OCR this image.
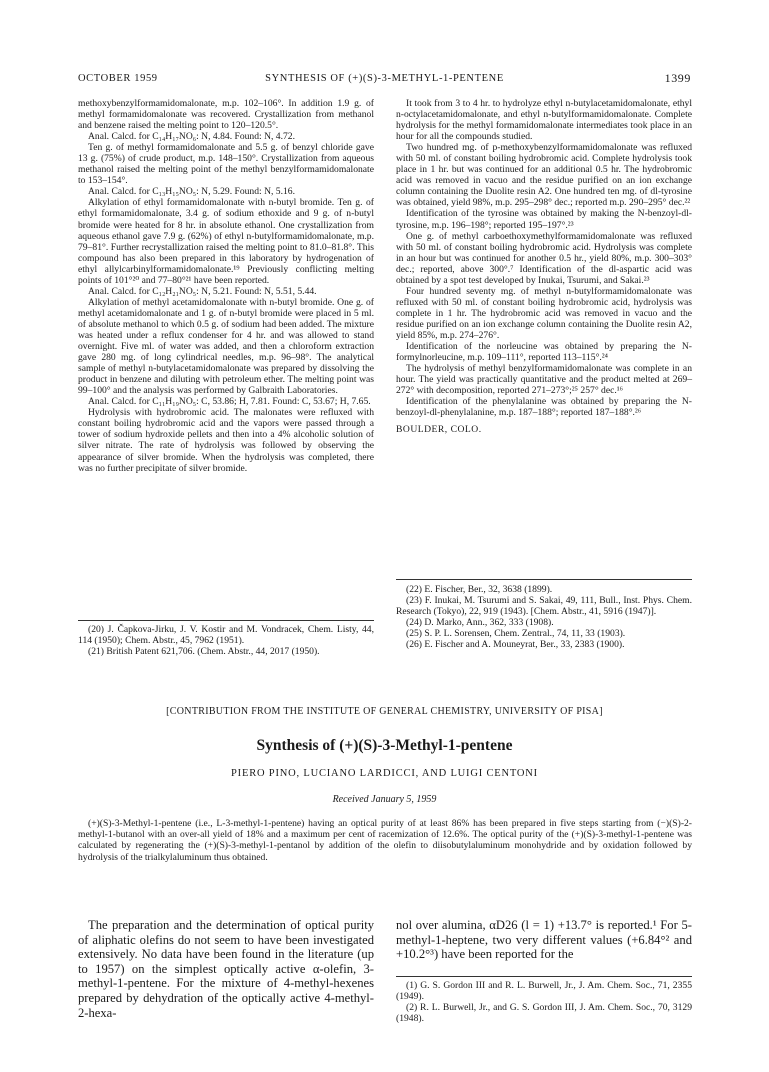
OCTOBER 1959	SYNTHESIS OF (+)(S)-3-METHYL-1-PENTENE	1399

methoxybenzylformamidomalonate, m.p. 102–106°. In addition 1.9 g. of methyl formamidomalonate was recovered. Crystallization from methanol and benzene raised the melting point to 120–120.5°.

Anal. Calcd. for C₁₄H₁₇NO₆: N, 4.84. Found: N, 4.72.

Ten g. of methyl formamidomalonate and 5.5 g. of benzyl chloride gave 13 g. (75%) of crude product, m.p. 148–150°. Crystallization from aqueous methanol raised the melting point of the methyl benzylformamidomalonate to 153–154°.

Anal. Calcd. for C₁₃H₁₅NO₅: N, 5.29. Found: N, 5.16.

Alkylation of ethyl formamidomalonate with n-butyl bromide. Ten g. of ethyl formamidomalonate, 3.4 g. of sodium ethoxide and 9 g. of n-butyl bromide were heated for 8 hr. in absolute ethanol. One crystallization from aqueous ethanol gave 7.9 g. (62%) of ethyl n-butylformamidomalonate, m.p. 79–81°. Further recrystallization raised the melting point to 81.0–81.8°. This compound has also been prepared in this laboratory by hydrogenation of ethyl allylcarbinylformamidomalonate.¹⁹ Previously conflicting melting points of 101°²⁰ and 77–80°²¹ have been reported.

Anal. Calcd. for C₁₂H₂₁NO₅: N, 5.21. Found: N, 5.51, 5.44.

Alkylation of methyl acetamidomalonate with n-butyl bromide. One g. of methyl acetamidomalonate and 1 g. of n-butyl bromide were placed in 5 ml. of absolute methanol to which 0.5 g. of sodium had been added. The mixture was heated under a reflux condenser for 4 hr. and was allowed to stand overnight. Five ml. of water was added, and then a chloroform extraction gave 280 mg. of long cylindrical needles, m.p. 96–98°. The analytical sample of methyl n-butylacetamidomalonate was prepared by dissolving the product in benzene and diluting with petroleum ether. The melting point was 99–100° and the analysis was performed by Galbraith Laboratories.

Anal. Calcd. for C₁₁H₁₉NO₅: C, 53.86; H, 7.81. Found: C, 53.67; H, 7.65.

Hydrolysis with hydrobromic acid. The malonates were refluxed with constant boiling hydrobromic acid and the vapors were passed through a tower of sodium hydroxide pellets and then into a 4% alcoholic solution of silver nitrate. The rate of hydrolysis was followed by observing the appearance of silver bromide. When the hydrolysis was completed, there was no further precipitate of silver bromide.

It took from 3 to 4 hr. to hydrolyze ethyl n-butylacetamidomalonate, ethyl n-octylacetamidomalonate, and ethyl n-butylformamidomalonate. Complete hydrolysis for the methyl formamidomalonate intermediates took place in an hour for all the compounds studied.

Two hundred mg. of p-methoxybenzylformamidomalonate was refluxed with 50 ml. of constant boiling hydrobromic acid. Complete hydrolysis took place in 1 hr. but was continued for an additional 0.5 hr. The hydrobromic acid was removed in vacuo and the residue purified on an ion exchange column containing the Duolite resin A2. One hundred ten mg. of dl-tyrosine was obtained, yield 98%, m.p. 295–298° dec.; reported m.p. 290–295° dec.²²

Identification of the tyrosine was obtained by making the N-benzoyl-dl-tyrosine, m.p. 196–198°; reported 195–197°.²³

One g. of methyl carboethoxymethylformamidomalonate was refluxed with 50 ml. of constant boiling hydrobromic acid. Hydrolysis was complete in an hour but was continued for another 0.5 hr., yield 80%, m.p. 300–303° dec.; reported, above 300°.⁷ Identification of the dl-aspartic acid was obtained by a spot test developed by Inukai, Tsurumi, and Sakai.²³

Four hundred seventy mg. of methyl n-butylformamidomalonate was refluxed with 50 ml. of constant boiling hydrobromic acid, hydrolysis was complete in 1 hr. The hydrobromic acid was removed in vacuo and the residue purified on an ion exchange column containing the Duolite resin A2, yield 85%, m.p. 274–276°.

Identification of the norleucine was obtained by preparing the N-formylnorleucine, m.p. 109–111°, reported 113–115°.²⁴

The hydrolysis of methyl benzylformamidomalonate was complete in an hour. The yield was practically quantitative and the product melted at 269–272° with decomposition, reported 271–273°;²⁵ 257° dec.¹⁶

Identification of the phenylalanine was obtained by preparing the N-benzoyl-dl-phenylalanine, m.p. 187–188°; reported 187–188°.²⁶

BOULDER, COLO.

(20) J. Čapkova-Jirku, J. V. Kostir and M. Vondracek, Chem. Listy, 44, 114 (1950); Chem. Abstr., 45, 7962 (1951).

(21) British Patent 621,706. (Chem. Abstr., 44, 2017 (1950).

(22) E. Fischer, Ber., 32, 3638 (1899).

(23) F. Inukai, M. Tsurumi and S. Sakai, 49, 111, Bull., Inst. Phys. Chem. Research (Tokyo), 22, 919 (1943). [Chem. Abstr., 41, 5916 (1947)].

(24) D. Marko, Ann., 362, 333 (1908).

(25) S. P. L. Sorensen, Chem. Zentral., 74, 11, 33 (1903).

(26) E. Fischer and A. Mouneyrat, Ber., 33, 2383 (1900).

[CONTRIBUTION FROM THE INSTITUTE OF GENERAL CHEMISTRY, UNIVERSITY OF PISA]
Synthesis of (+)(S)-3-Methyl-1-pentene
PIERO PINO, LUCIANO LARDICCI, AND LUIGI CENTONI
Received January 5, 1959

(+)(S)-3-Methyl-1-pentene (i.e., L-3-methyl-1-pentene) having an optical purity of at least 86% has been prepared in five steps starting from (−)(S)-2-methyl-1-butanol with an over-all yield of 18% and a maximum per cent of racemization of 12.6%. The optical purity of the (+)(S)-3-methyl-1-pentene was calculated by regenerating the (+)(S)-3-methyl-1-pentanol by addition of the olefin to diisobutylaluminum monohydride and by oxidation followed by hydrolysis of the trialkylaluminum thus obtained.

The preparation and the determination of optical purity of aliphatic olefins do not seem to have been investigated extensively. No data have been found in the literature (up to 1957) on the simplest optically active α-olefin, 3-methyl-1-pentene. For the mixture of 4-methyl-hexenes prepared by dehydration of the optically active 4-methyl-2-hexa-

nol over alumina, αD26 (l = 1) +13.7° is reported.¹ For 5-methyl-1-heptene, two very different values (+6.84°² and +10.2°³) have been reported for the

(1) G. S. Gordon III and R. L. Burwell, Jr., J. Am. Chem. Soc., 71, 2355 (1949).

(2) R. L. Burwell, Jr., and G. S. Gordon III, J. Am. Chem. Soc., 70, 3129 (1948).
